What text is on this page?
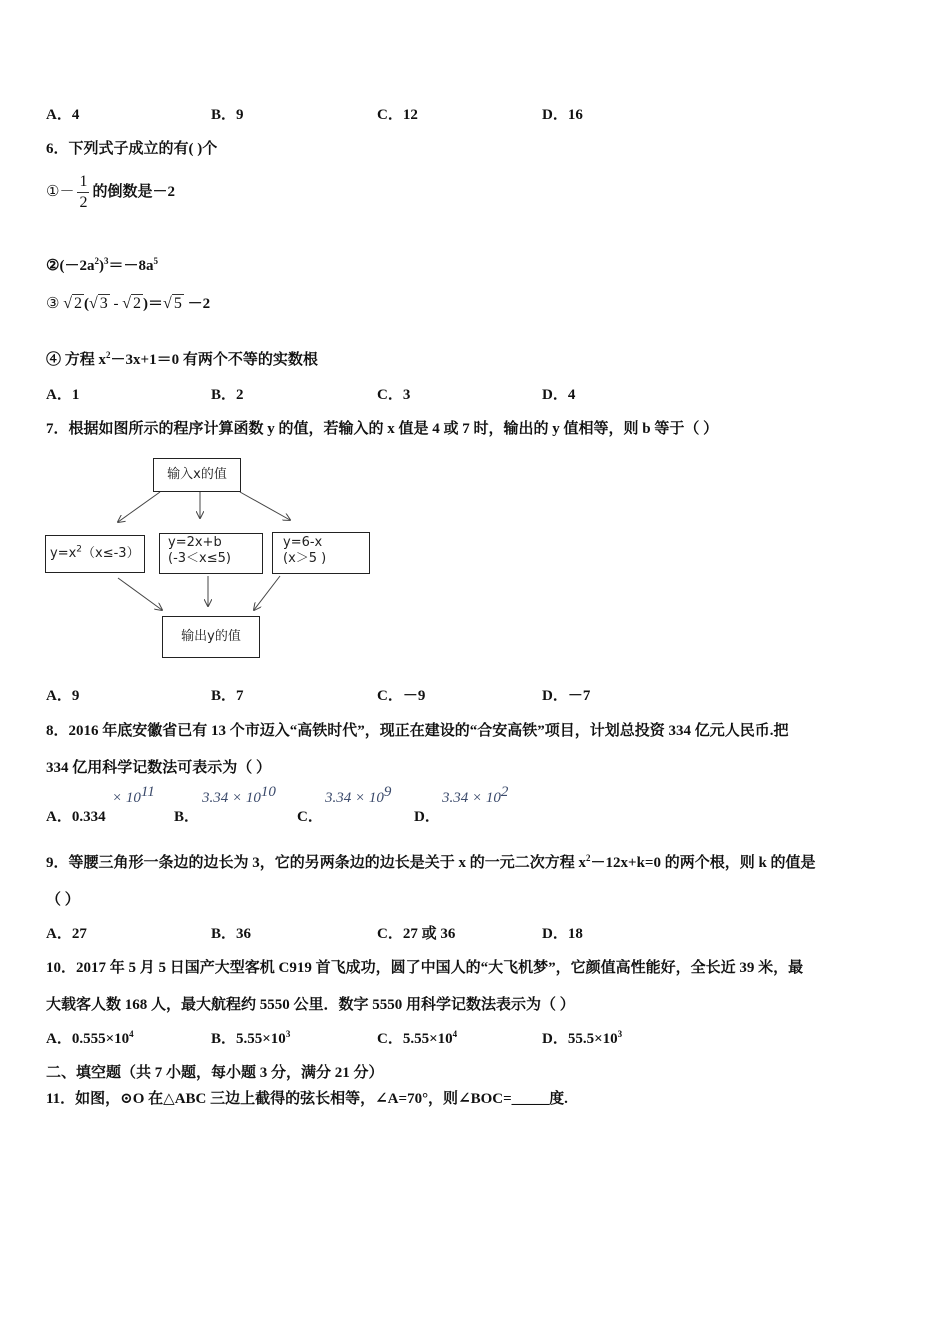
A．4	B．9	C．12	D．16
6．下列式子成立的有( )个
①－ $\frac{1}{2}$ 的倒数是－2
$②(-2a^2)^3=-8a^5$
③ √ 2 (√ 3 - √ 2 )＝√ 5 －2
④ 方程 $x^2-3x+1=0$ 有两个不等的实数根
A．1	B．2	C．3	D．4
7．根据如图所示的程序计算函数 y 的值，若输入的 x 值是 4 或 7 时，输出的 y 值相等，则 b 等于（ ）
输入x的值
$y=x^2(x\le-3)$
y=2x+b
(-3＜x≤5)
y=6-x
(x＞5 )
输出y的值
A．9	B．7	C．－9	D．－7
8．2016 年底安徽省已有 13 个市迈入“高铁时代”，现正在建设的“合安高铁”项目，计划总投资 334 亿元人民币.把
334 亿用科学记数法可表示为（ ）
A．0.334
× $10^{11}$
B．
$3.34 \times 10^{10}$
C．
$3.34 \times 10^9$
D．
$3.34 \times 10^2$
9．等腰三角形一条边的边长为 3，它的另两条边的边长是关于 x 的一元二次方程 $x^2-12x+k=0$ 的两个根，则 k 的值是
（ ）
A．27	B．36	C．27 或 36	D．18
10．2017 年 5 月 5 日国产大型客机 C919 首飞成功，圆了中国人的“大飞机梦”，它颜值高性能好，全长近 39 米，最
大载客人数 168 人，最大航程约 5550 公里．数字 5550 用科学记数法表示为（ ）
A．$0.555\times 10^4$	B．$5.55\times 10^3$	C．$5.55\times 10^4$	D．$55.5\times 10^3$
二、填空题（共 7 小题，每小题 3 分，满分 21 分）
11．如图，⊙O 在△ABC 三边上截得的弦长相等，∠A=70°，则∠BOC=_____度.
